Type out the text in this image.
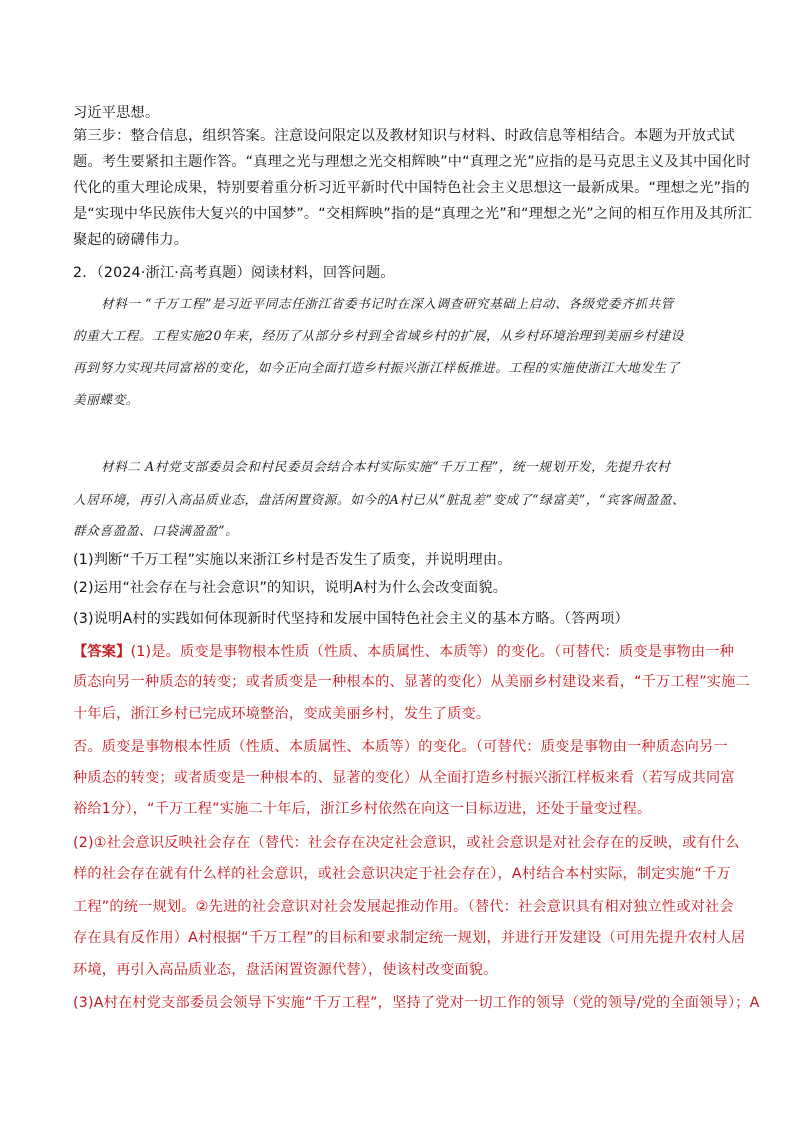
习近平思想。
第三步：整合信息，组织答案。注意设问限定以及教材知识与材料、时政信息等相结合。本题为开放式试
题。考生要紧扣主题作答。“真理之光与理想之光交相辉映”中“真理之光”应指的是马克思主义及其中国化时
代化的重大理论成果，特别要着重分析习近平新时代中国特色社会主义思想这一最新成果。“理想之光”指的
是“实现中华民族伟大复兴的中国梦”。“交相辉映”指的是“真理之光”和“理想之光”之间的相互作用及其所汇
聚起的磅礴伟力。
2．（2024·浙江·高考真题）阅读材料，回答问题。
材料一 “千万工程”是习近平同志任浙江省委书记时在深入调查研究基础上启动、各级党委齐抓共管
的重大工程。工程实施20年来，经历了从部分乡村到全省域乡村的扩展，从乡村环境治理到美丽乡村建设
再到努力实现共同富裕的变化，如今正向全面打造乡村振兴浙江样板推进。工程的实施使浙江大地发生了
美丽蝶变。
材料二 A村党支部委员会和村民委员会结合本村实际实施“千万工程”，统一规划开发，先提升农村
人居环境，再引入高品质业态，盘活闲置资源。如今的A村已从“脏乱差”变成了“绿富美”，“宾客闹盈盈、
群众喜盈盈、口袋满盈盈”。
(1)判断“千万工程”实施以来浙江乡村是否发生了质变，并说明理由。
(2)运用“社会存在与社会意识”的知识，说明A村为什么会改变面貌。
(3)说明A村的实践如何体现新时代坚持和发展中国特色社会主义的基本方略。（答两项）
【答案】(1)是。质变是事物根本性质（性质、本质属性、本质等）的变化。（可替代：质变是事物由一种
质态向另一种质态的转变；或者质变是一种根本的、显著的变化）从美丽乡村建设来看，“千万工程”实施二
十年后，浙江乡村已完成环境整治，变成美丽乡村，发生了质变。
否。质变是事物根本性质（性质、本质属性、本质等）的变化。（可替代：质变是事物由一种质态向另一
种质态的转变；或者质变是一种根本的、显著的变化）从全面打造乡村振兴浙江样板来看（若写成共同富
裕给1分），“千万工程”实施二十年后，浙江乡村依然在向这一目标迈进，还处于量变过程。
(2)①社会意识反映社会存在（替代：社会存在决定社会意识，或社会意识是对社会存在的反映，或有什么
样的社会存在就有什么样的社会意识，或社会意识决定于社会存在），A村结合本村实际，制定实施“千万
工程”的统一规划。②先进的社会意识对社会发展起推动作用。（替代：社会意识具有相对独立性或对社会
存在具有反作用）A村根据“千万工程”的目标和要求制定统一规划，并进行开发建设（可用先提升农村人居
环境，再引入高品质业态，盘活闲置资源代替），使该村改变面貌。
(3)A村在村党支部委员会领导下实施“千万工程”，坚持了党对一切工作的领导（党的领导/党的全面领导）；A
